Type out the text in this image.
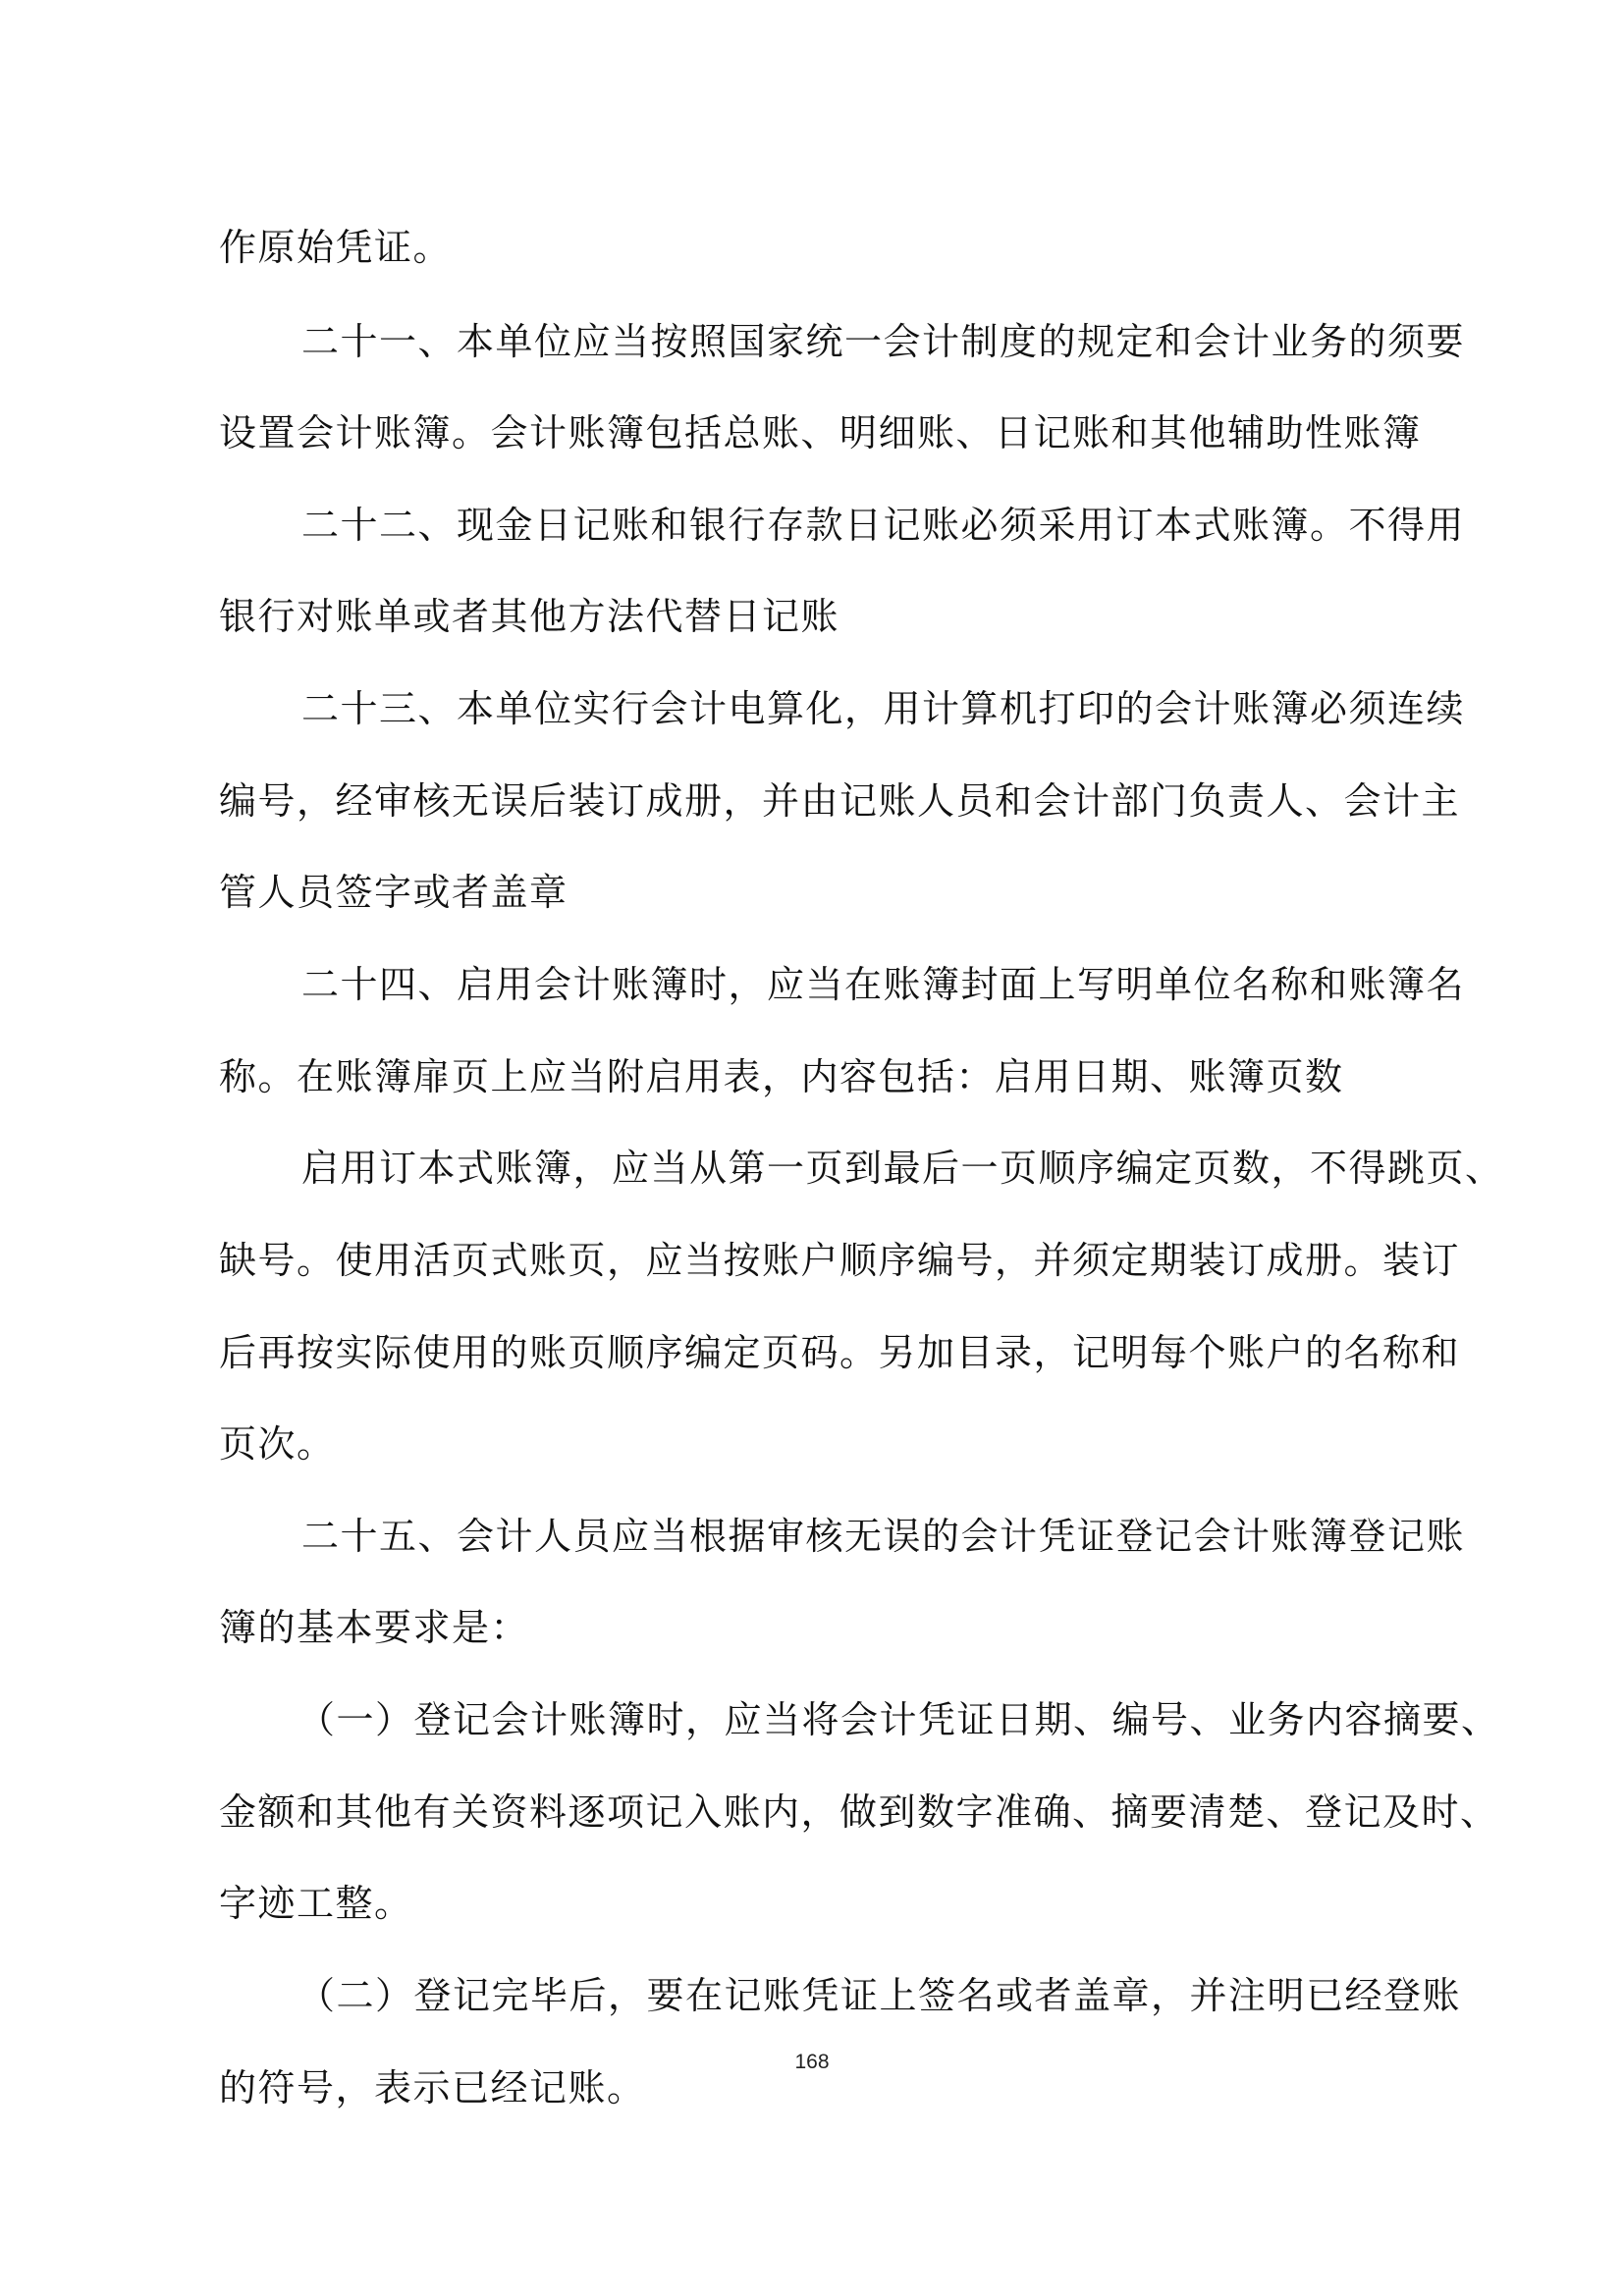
作原始凭证。
二十一、本单位应当按照国家统一会计制度的规定和会计业务的须要
设置会计账簿。会计账簿包括总账、明细账、日记账和其他辅助性账簿
二十二、现金日记账和银行存款日记账必须采用订本式账簿。不得用
银行对账单或者其他方法代替日记账
二十三、本单位实行会计电算化，用计算机打印的会计账簿必须连续
编号，经审核无误后装订成册，并由记账人员和会计部门负责人、会计主
管人员签字或者盖章
二十四、启用会计账簿时，应当在账簿封面上写明单位名称和账簿名
称。在账簿扉页上应当附启用表，内容包括：启用日期、账簿页数
启用订本式账簿，应当从第一页到最后一页顺序编定页数，不得跳页、
缺号。使用活页式账页，应当按账户顺序编号，并须定期装订成册。装订
后再按实际使用的账页顺序编定页码。另加目录，记明每个账户的名称和
页次。
二十五、会计人员应当根据审核无误的会计凭证登记会计账簿登记账
簿的基本要求是：
（一）登记会计账簿时，应当将会计凭证日期、编号、业务内容摘要、
金额和其他有关资料逐项记入账内，做到数字准确、摘要清楚、登记及时、
字迹工整。
（二）登记完毕后，要在记账凭证上签名或者盖章，并注明已经登账
的符号，表示已经记账。
168
